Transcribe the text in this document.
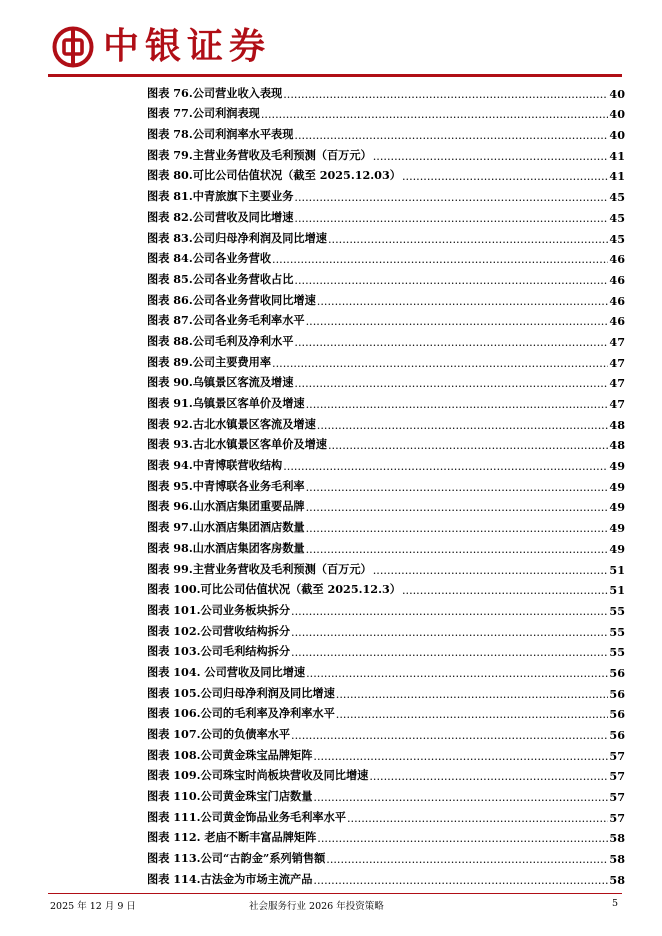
中银证券
图表 76.公司营业收入表现 .....	40
图表 77.公司利润表现 .....	40
图表 78.公司利润率水平表现 .....	40
图表 79.主营业务营收及毛利预测（百万元） .....	41
图表 80.可比公司估值状况（截至 2025.12.03） .....	41
图表 81.中青旅旗下主要业务 .....	45
图表 82.公司营收及同比增速 .....	45
图表 83.公司归母净利润及同比增速 .....	45
图表 84.公司各业务营收 .....	46
图表 85.公司各业务营收占比 .....	46
图表 86.公司各业务营收同比增速 .....	46
图表 87.公司各业务毛利率水平 .....	46
图表 88.公司毛利及净利水平 .....	47
图表 89.公司主要费用率 .....	47
图表 90.乌镇景区客流及增速 .....	47
图表 91.乌镇景区客单价及增速 .....	47
图表 92.古北水镇景区客流及增速 .....	48
图表 93.古北水镇景区客单价及增速 .....	48
图表 94.中青博联营收结构 .....	49
图表 95.中青博联各业务毛利率 .....	49
图表 96.山水酒店集团重要品牌 .....	49
图表 97.山水酒店集团酒店数量 .....	49
图表 98.山水酒店集团客房数量 .....	49
图表 99.主营业务营收及毛利预测（百万元） .....	51
图表 100.可比公司估值状况（截至 2025.12.3） .....	51
图表 101.公司业务板块拆分 .....	55
图表 102.公司营收结构拆分 .....	55
图表 103.公司毛利结构拆分 .....	55
图表 104. 公司营收及同比增速 .....	56
图表 105.公司归母净利润及同比增速 .....	56
图表 106.公司的毛利率及净利率水平 .....	56
图表 107.公司的负债率水平 .....	56
图表 108.公司黄金珠宝品牌矩阵 .....	57
图表 109.公司珠宝时尚板块营收及同比增速 .....	57
图表 110.公司黄金珠宝门店数量 .....	57
图表 111.公司黄金饰品业务毛利率水平 .....	57
图表 112. 老庙不断丰富品牌矩阵 .....	58
图表 113.公司“古韵金”系列销售额 .....	58
图表 114.古法金为市场主流产品 .....	58
2025 年 12 月 9 日	社会服务行业 2026 年投资策略	5
